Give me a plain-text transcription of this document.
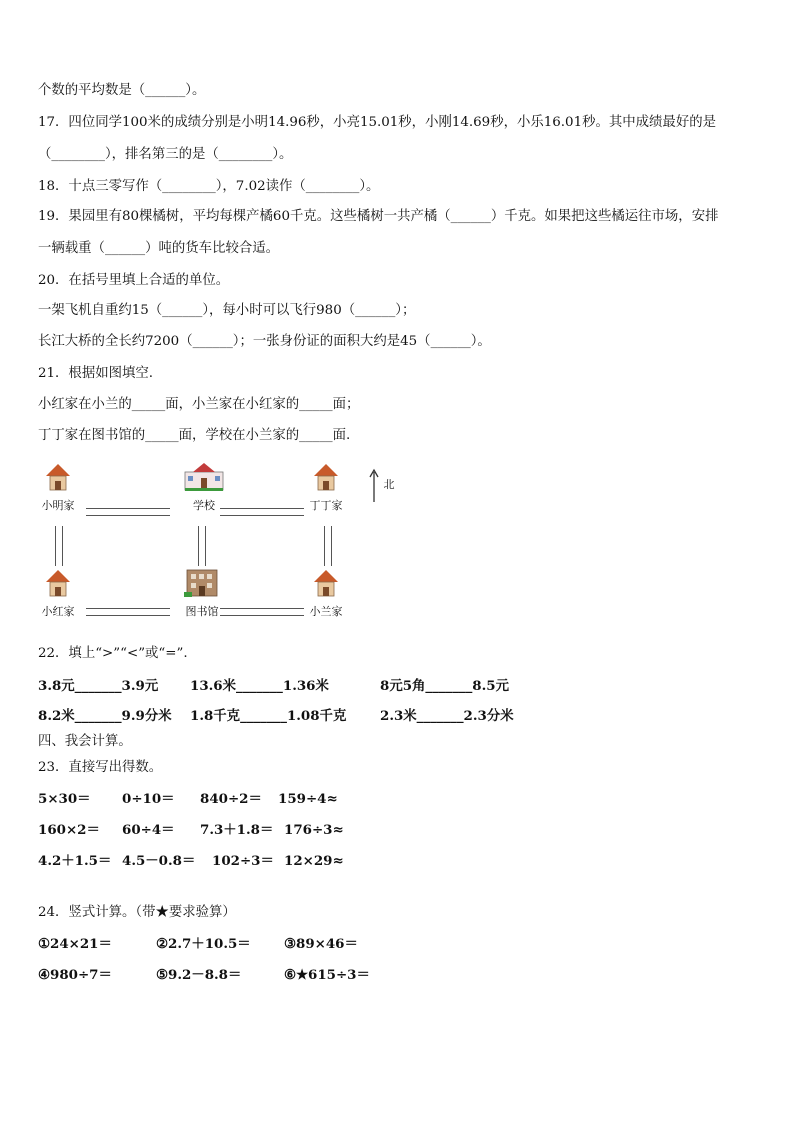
个数的平均数是（______）。
17．四位同学100米的成绩分别是小明14.96秒，小亮15.01秒，小刚14.69秒，小乐16.01秒。其中成绩最好的是
（________），排名第三的是（________）。
18．十点三零写作（________），7.02读作（________）。
19．果园里有80棵橘树，平均每棵产橘60千克。这些橘树一共产橘（______）千克。如果把这些橘运往市场，安排
一辆载重（______）吨的货车比较合适。
20．在括号里填上合适的单位。
一架飞机自重约15（______），每小时可以飞行980（______）；
长江大桥的全长约7200（______）；一张身份证的面积大约是45（______）。
21．根据如图填空.
小红家在小兰的_____面，小兰家在小红家的_____面；
丁丁家在图书馆的_____面，学校在小兰家的_____面.
小明家	学校	丁丁家
小红家	图书馆	小兰家
北
22．填上“>”“<”或“=”.
3.8元_______3.9元 13.6米_______1.36米	8元5角_______8.5元
8.2米_______9.9分米 1.8千克_______1.08千克	2.3米_______2.3分米
四、我会计算。
23．直接写出得数。
5×30＝ 0÷10＝ 840÷2＝ 159÷4≈
160×2＝ 60÷4＝ 7.3＋1.8＝ 176÷3≈
4.2＋1.5＝ 4.5－0.8＝ 102÷3＝ 12×29≈
24．竖式计算。（带★要求验算）
①24×21＝	②2.7＋10.5＝ ③89×46＝
④980÷7＝	⑤9.2－8.8＝	⑥★615÷3＝
